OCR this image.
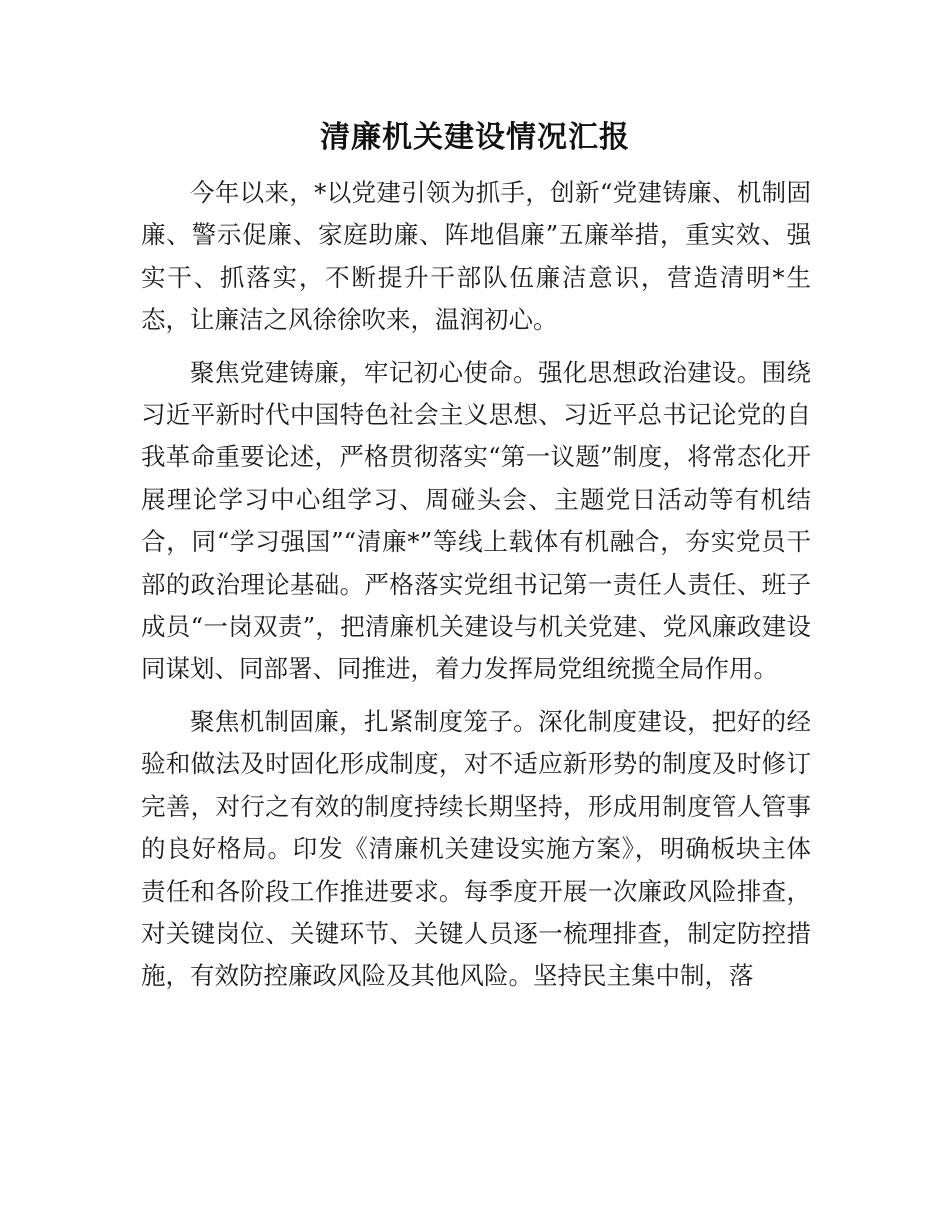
清廉机关建设情况汇报

今年以来，*以党建引领为抓手，创新“党建铸廉、机制固廉、警示促廉、家庭助廉、阵地倡廉”五廉举措，重实效、强实干、抓落实，不断提升干部队伍廉洁意识，营造清明*生态，让廉洁之风徐徐吹来，温润初心。

聚焦党建铸廉，牢记初心使命。强化思想政治建设。围绕习近平新时代中国特色社会主义思想、习近平总书记论党的自我革命重要论述，严格贯彻落实“第一议题”制度，将常态化开展理论学习中心组学习、周碰头会、主题党日活动等有机结合，同“学习强国”“清廉*”等线上载体有机融合，夯实党员干部的政治理论基础。严格落实党组书记第一责任人责任、班子成员“一岗双责”，把清廉机关建设与机关党建、党风廉政建设同谋划、同部署、同推进，着力发挥局党组统揽全局作用。

聚焦机制固廉，扎紧制度笼子。深化制度建设，把好的经验和做法及时固化形成制度，对不适应新形势的制度及时修订完善，对行之有效的制度持续长期坚持，形成用制度管人管事的良好格局。印发《清廉机关建设实施方案》，明确板块主体责任和各阶段工作推进要求。每季度开展一次廉政风险排查，对关键岗位、关键环节、关键人员逐一梳理排查，制定防控措施，有效防控廉政风险及其他风险。坚持民主集中制，落
